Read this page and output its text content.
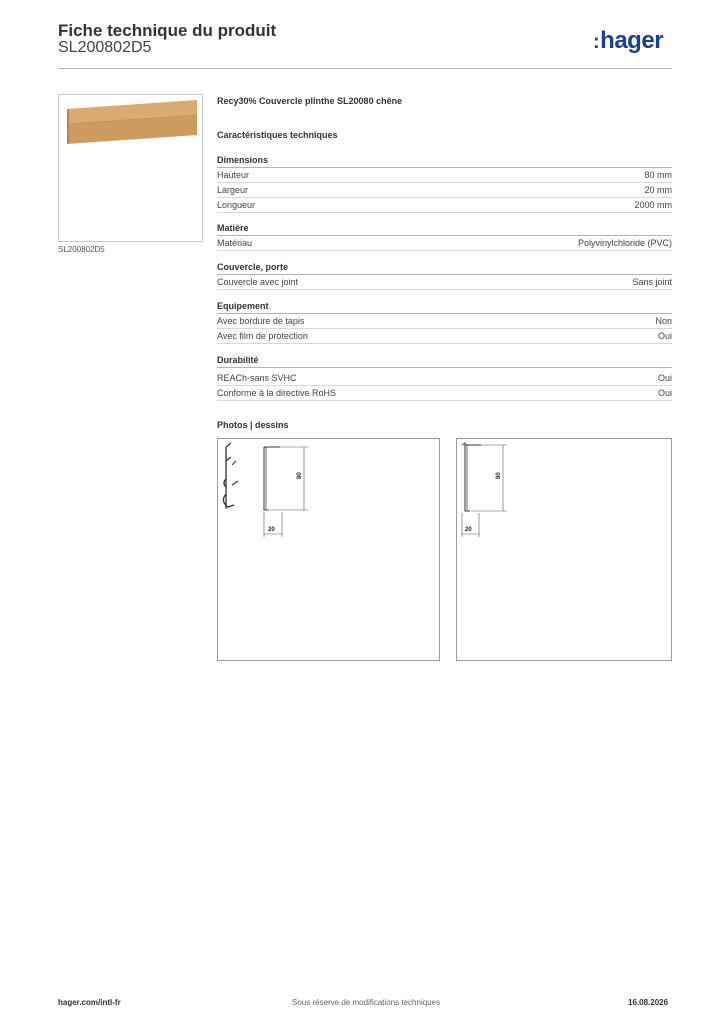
Fiche technique du produit
SL200802D5	:hager
SL200802D5
Recy30% Couvercle plinthe SL20080 chêne
Caractéristiques techniques
Dimensions
Hauteur	80 mm
Largeur	20 mm
Longueur	2000 mm
Matière
Matériau	Polyvinylchloride (PVC)
Couvercle, porte
Couvercle avec joint	Sans joint
Equipement
Avec bordure de tapis	Non
Avec film de protection	Oui
Durabilité
REACh-sans SVHC	Oui
Conforme à la directive RoHS	Oui
Photos | dessins
80
20
80
20
hager.com/intl-fr	Sous réserve de modifications techniques	16.08.2026
